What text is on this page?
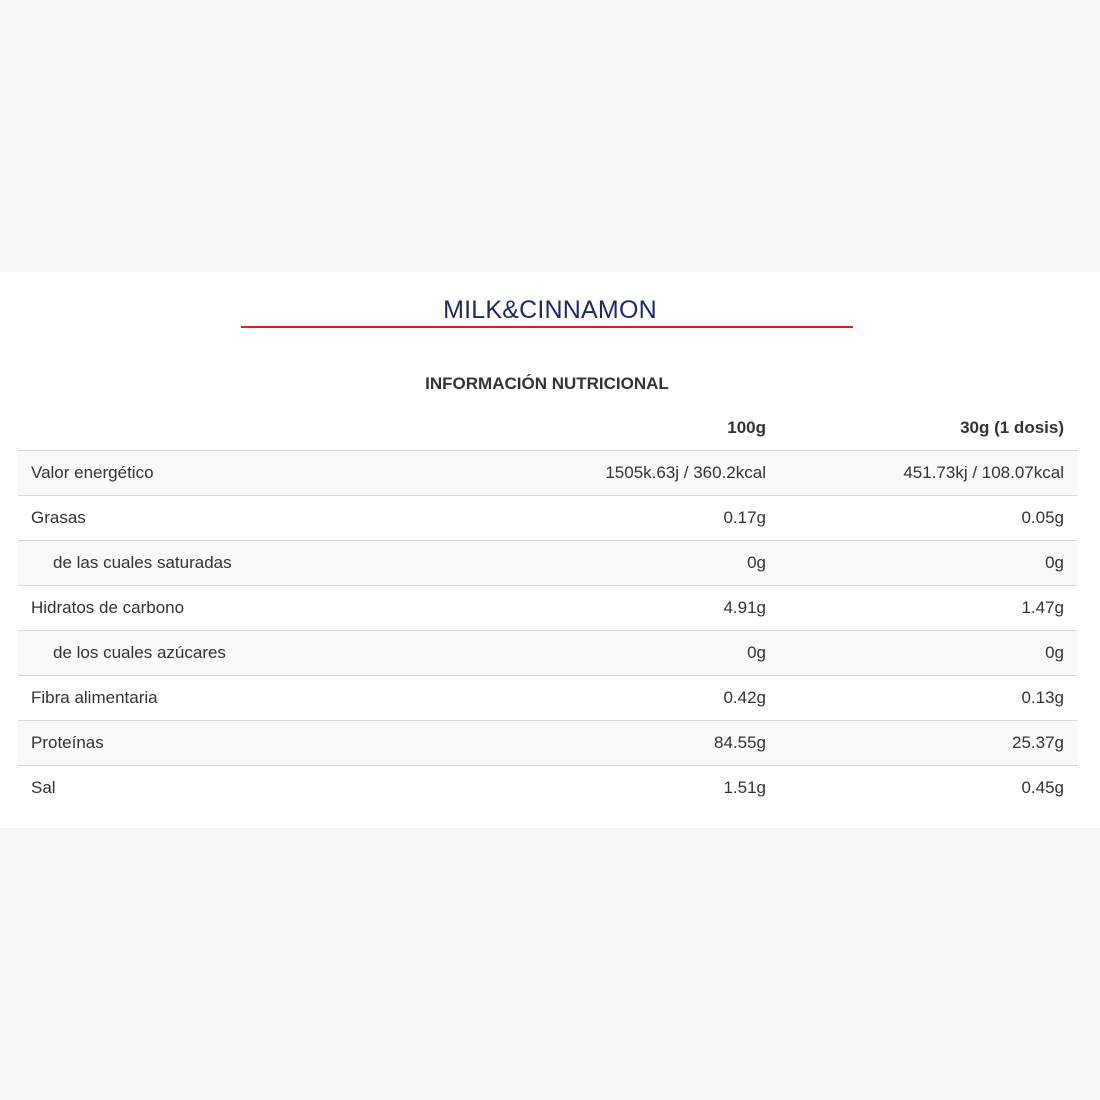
MILK&CINNAMON
INFORMACIÓN NUTRICIONAL
	100g	30g (1 dosis)
Valor energético	1505k.63j / 360.2kcal	451.73kj / 108.07kcal
Grasas	0.17g	0.05g
de las cuales saturadas	0g	0g
Hidratos de carbono	4.91g	1.47g
de los cuales azúcares	0g	0g
Fibra alimentaria	0.42g	0.13g
Proteínas	84.55g	25.37g
Sal	1.51g	0.45g
